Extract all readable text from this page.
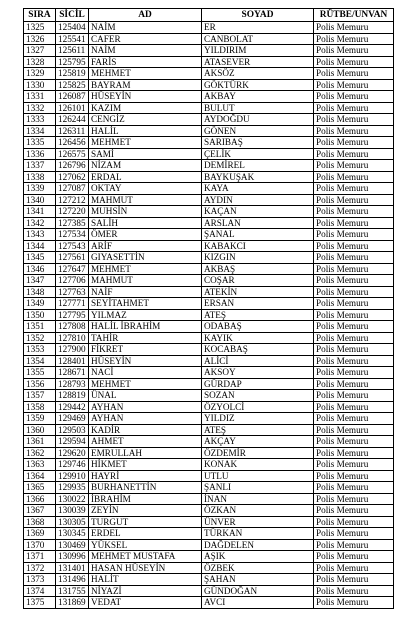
SIRA	SİCİL	AD	SOYAD	RÜTBE/UNVAN
1325	125404	NAİM	ER	Polis Memuru
1326	125541	CAFER	CANBOLAT	Polis Memuru
1327	125611	NAİM	YILDIRIM	Polis Memuru
1328	125795	FARİS	ATASEVER	Polis Memuru
1329	125819	MEHMET	AKSÖZ	Polis Memuru
1330	125825	BAYRAM	GÖKTÜRK	Polis Memuru
1331	126087	HÜSEYİN	AKBAY	Polis Memuru
1332	126101	KAZIM	BULUT	Polis Memuru
1333	126244	CENGİZ	AYDOĞDU	Polis Memuru
1334	126311	HALİL	GÖNEN	Polis Memuru
1335	126456	MEHMET	SARIBAŞ	Polis Memuru
1336	126575	SAMİ	ÇELİK	Polis Memuru
1337	126796	NİZAM	DEMİREL	Polis Memuru
1338	127062	ERDAL	BAYKUŞAK	Polis Memuru
1339	127087	OKTAY	KAYA	Polis Memuru
1340	127212	MAHMUT	AYDIN	Polis Memuru
1341	127220	MUHSİN	KAÇAN	Polis Memuru
1342	127385	SALİH	ARSLAN	Polis Memuru
1343	127534	ÖMER	ŞANAL	Polis Memuru
1344	127543	ARİF	KABAKCI	Polis Memuru
1345	127561	GIYASETTİN	KIZGIN	Polis Memuru
1346	127647	MEHMET	AKBAŞ	Polis Memuru
1347	127706	MAHMUT	COŞAR	Polis Memuru
1348	127763	NAİF	ATEKİN	Polis Memuru
1349	127771	SEYİTAHMET	ERSAN	Polis Memuru
1350	127795	YILMAZ	ATEŞ	Polis Memuru
1351	127808	HALİL İBRAHİM	ODABAŞ	Polis Memuru
1352	127810	TAHİR	KAYIK	Polis Memuru
1353	127900	FİKRET	KOCABAŞ	Polis Memuru
1354	128401	HÜSEYİN	ALİCİ	Polis Memuru
1355	128671	NACİ	AKSOY	Polis Memuru
1356	128793	MEHMET	GÜRDAP	Polis Memuru
1357	128819	ÜNAL	SOZAN	Polis Memuru
1358	129442	AYHAN	ÖZYOLCİ	Polis Memuru
1359	129469	AYHAN	YILDIZ	Polis Memuru
1360	129503	KADİR	ATEŞ	Polis Memuru
1361	129594	AHMET	AKÇAY	Polis Memuru
1362	129620	EMRULLAH	ÖZDEMİR	Polis Memuru
1363	129746	HİKMET	KONAK	Polis Memuru
1364	129910	HAYRİ	UTLU	Polis Memuru
1365	129935	BURHANETTİN	ŞANLI	Polis Memuru
1366	130022	İBRAHİM	İNAN	Polis Memuru
1367	130039	ZEYİN	ÖZKAN	Polis Memuru
1368	130305	TURGUT	ÜNVER	Polis Memuru
1369	130345	ERDEL	TÜRKAN	Polis Memuru
1370	130469	YÜKSEL	DAĞDELEN	Polis Memuru
1371	130996	MEHMET MUSTAFA	AŞIK	Polis Memuru
1372	131401	HASAN HÜSEYİN	ÖZBEK	Polis Memuru
1373	131496	HALİT	ŞAHAN	Polis Memuru
1374	131755	NİYAZİ	GÜNDOĞAN	Polis Memuru
1375	131869	VEDAT	AVCI	Polis Memuru
